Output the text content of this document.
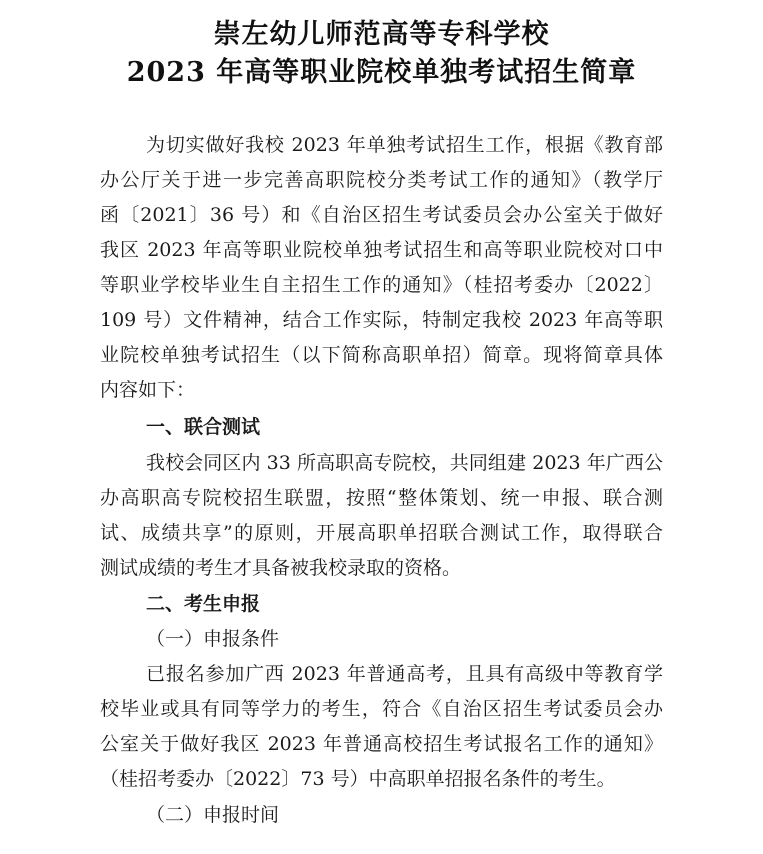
崇左幼儿师范高等专科学校
2023 年高等职业院校单独考试招生简章
为切实做好我校 2023 年单独考试招生工作，根据《教育部
办公厅关于进一步完善高职院校分类考试工作的通知》（教学厅
函〔2021〕36 号）和《自治区招生考试委员会办公室关于做好
我区 2023 年高等职业院校单独考试招生和高等职业院校对口中
等职业学校毕业生自主招生工作的通知》（桂招考委办〔2022〕
109 号）文件精神，结合工作实际，特制定我校 2023 年高等职
业院校单独考试招生（以下简称高职单招）简章。现将简章具体
内容如下：
一、联合测试
我校会同区内 33 所高职高专院校，共同组建 2023 年广西公
办高职高专院校招生联盟，按照“整体策划、统一申报、联合测
试、成绩共享”的原则，开展高职单招联合测试工作，取得联合
测试成绩的考生才具备被我校录取的资格。
二、考生申报
（一）申报条件
已报名参加广西 2023 年普通高考，且具有高级中等教育学
校毕业或具有同等学力的考生，符合《自治区招生考试委员会办
公室关于做好我区 2023 年普通高校招生考试报名工作的通知》
（桂招考委办〔2022〕73 号）中高职单招报名条件的考生。
（二）申报时间
